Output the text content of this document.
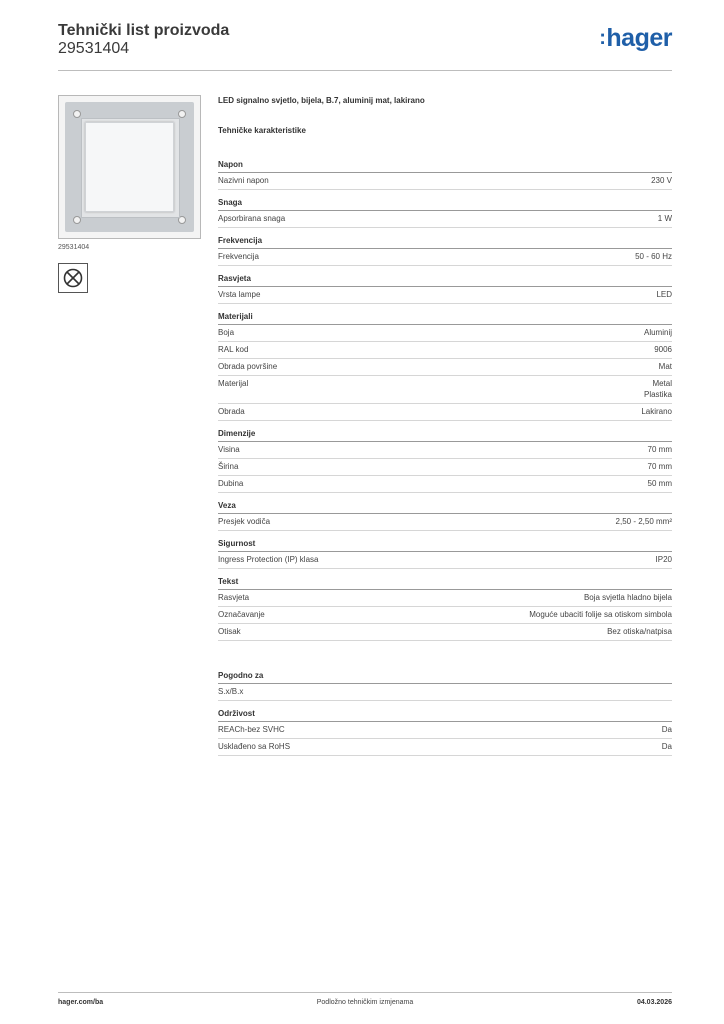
Tehnički list proizvoda
29531404	:hager
29531404
LED signalno svjetlo, bijela, B.7, aluminij mat, lakirano
Tehničke karakteristike
Napon
Nazivni napon	230 V
Snaga
Apsorbirana snaga	1 W
Frekvencija
Frekvencija	50 - 60 Hz
Rasvjeta
Vrsta lampe	LED
Materijali
Boja	Aluminij
RAL kod	9006
Obrada površine	Mat
Materijal	Metal
Plastika
Obrada	Lakirano
Dimenzije
Visina	70 mm
Širina	70 mm
Dubina	50 mm
Veza
Presjek vodiča	2,50 - 2,50 mm²
Sigurnost
Ingress Protection (IP) klasa	IP20
Tekst
Rasvjeta	Boja svjetla hladno bijela
Označavanje	Moguće ubaciti folije sa otiskom simbola
Otisak	Bez otiska/natpisa
Pogodno za
S.x/B.x
Održivost
REACh-bez SVHC	Da
Usklađeno sa RoHS	Da
hager.com/ba	Podložno tehničkim izmjenama	04.03.2026
